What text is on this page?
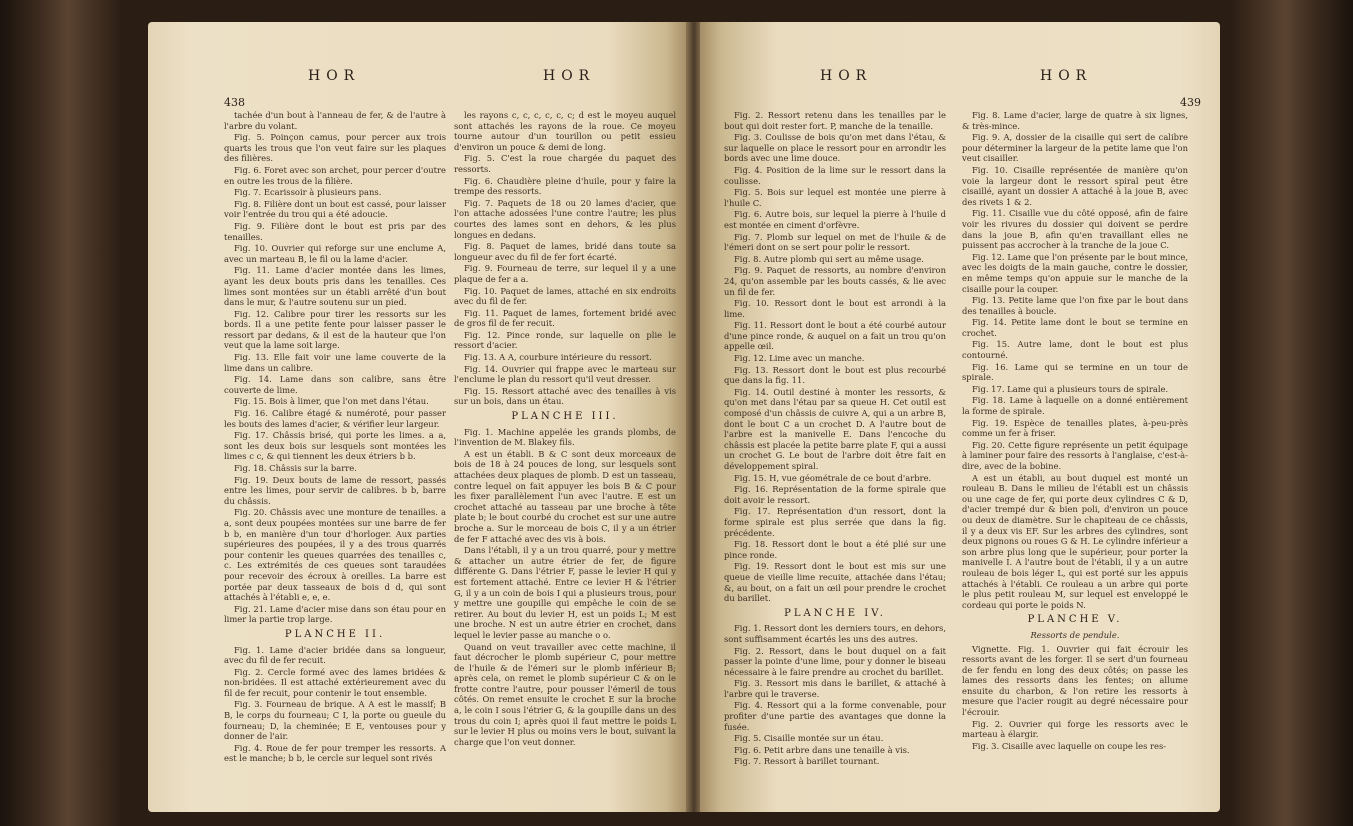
438
HOR	HOR

tachée d'un bout à l'anneau de fer, & de l'autre à l'arbre du volant.

Fig. 5. Poinçon camus, pour percer aux trois quarts les trous que l'on veut faire sur les plaques des filières.

Fig. 6. Foret avec son archet, pour percer d'outre en outre les trous de la filière.

Fig. 7. Ecarissoir à plusieurs pans.

Fig. 8. Filière dont un bout est cassé, pour laisser voir l'entrée du trou qui a été adoucie.

Fig. 9. Filière dont le bout est pris par des tenailles.

Fig. 10. Ouvrier qui reforge sur une enclume A, avec un marteau B, le fil ou la lame d'acier.

Fig. 11. Lame d'acier montée dans les limes, ayant les deux bouts pris dans les tenailles. Ces limes sont montées sur un établi arrêté d'un bout dans le mur, & l'autre soutenu sur un pied.

Fig. 12. Calibre pour tirer les ressorts sur les bords. Il a une petite fente pour laisser passer le ressort par dedans, & il est de la hauteur que l'on veut que la lame soit large.

Fig. 13. Elle fait voir une lame couverte de la lime dans un calibre.

Fig. 14. Lame dans son calibre, sans être couverte de lime.

Fig. 15. Bois à limer, que l'on met dans l'étau.

Fig. 16. Calibre étagé & numéroté, pour passer les bouts des lames d'acier, & vérifier leur largeur.

Fig. 17. Châssis brisé, qui porte les limes. a a, sont les deux bois sur lesquels sont montées les limes c c, & qui tiennent les deux étriers b b.

Fig. 18. Châssis sur la barre.

Fig. 19. Deux bouts de lame de ressort, passés entre les limes, pour servir de calibres. b b, barre du châssis.

Fig. 20. Châssis avec une monture de tenailles. a a, sont deux poupées montées sur une barre de fer b b, en manière d'un tour d'horloger. Aux parties supérieures des poupées, il y a des trous quarrés pour contenir les queues quarrées des tenailles c, c. Les extrémités de ces queues sont taraudées pour recevoir des écroux à oreilles. La barre est portée par deux tasseaux de bois d d, qui sont attachés à l'établi e, e, e.

Fig. 21. Lame d'acier mise dans son étau pour en limer la partie trop large.

PLANCHE II.

Fig. 1. Lame d'acier bridée dans sa longueur, avec du fil de fer recuit.

Fig. 2. Cercle formé avec des lames bridées & non-bridées. Il est attaché extérieurement avec du fil de fer recuit, pour contenir le tout ensemble.

Fig. 3. Fourneau de brique. A A est le massif; B B, le corps du fourneau; C I, la porte ou gueule du fourneau; D, la cheminée; E E, ventouses pour y donner de l'air.

Fig. 4. Roue de fer pour tremper les ressorts. A est le manche; b b, le cercle sur lequel sont rivés

les rayons c, c, c, c, c, c; d est le moyeu auquel sont attachés les rayons de la roue. Ce moyeu tourne autour d'un tourillon ou petit essieu d'environ un pouce & demi de long.

Fig. 5. C'est la roue chargée du paquet des ressorts.

Fig. 6. Chaudière pleine d'huile, pour y faire la trempe des ressorts.

Fig. 7. Paquets de 18 ou 20 lames d'acier, que l'on attache adossées l'une contre l'autre; les plus courtes des lames sont en dehors, & les plus longues en dedans.

Fig. 8. Paquet de lames, bridé dans toute sa longueur avec du fil de fer fort écarté.

Fig. 9. Fourneau de terre, sur lequel il y a une plaque de fer a a.

Fig. 10. Paquet de lames, attaché en six endroits avec du fil de fer.

Fig. 11. Paquet de lames, fortement bridé avec de gros fil de fer recuit.

Fig. 12. Pince ronde, sur laquelle on plie le ressort d'acier.

Fig. 13. A A, courbure intérieure du ressort.

Fig. 14. Ouvrier qui frappe avec le marteau sur l'enclume le plan du ressort qu'il veut dresser.

Fig. 15. Ressort attaché avec des tenailles à vis sur un bois, dans un étau.

PLANCHE III.

Fig. 1. Machine appelée les grands plombs, de l'invention de M. Blakey fils.

A est un établi. B & C sont deux morceaux de bois de 18 à 24 pouces de long, sur lesquels sont attachées deux plaques de plomb. D est un tasseau, contre lequel on fait appuyer les bois B & C pour les fixer parallèlement l'un avec l'autre. E est un crochet attaché au tasseau par une broche à tête plate b; le bout courbé du crochet est sur une autre broche a. Sur le morceau de bois C, il y a un étrier de fer F attaché avec des vis à bois.

Dans l'établi, il y a un trou quarré, pour y mettre & attacher un autre étrier de fer, de figure différente G. Dans l'étrier F, passe le levier H qui y est fortement attaché. Entre ce levier H & l'étrier G, il y a un coin de bois I qui a plusieurs trous, pour y mettre une goupille qui empêche le coin de se retirer. Au bout du levier H, est un poids L; M est une broche. N est un autre étrier en crochet, dans lequel le levier passe au manche o o.

Quand on veut travailler avec cette machine, il faut décrocher le plomb supérieur C, pour mettre de l'huile & de l'émeri sur le plomb inférieur B; après cela, on remet le plomb supérieur C & on le frotte contre l'autre, pour pousser l'émeril de tous côtés. On remet ensuite le crochet E sur la broche a, le coin I sous l'étrier G, & la goupille dans un des trous du coin I; après quoi il faut mettre le poids L sur le levier H plus ou moins vers le bout, suivant la charge que l'on veut donner.

439
HOR	HOR

Fig. 2. Ressort retenu dans les tenailles par le bout qui doit rester fort. P, manche de la tenaille.

Fig. 3. Coulisse de bois qu'on met dans l'étau, & sur laquelle on place le ressort pour en arrondir les bords avec une lime douce.

Fig. 4. Position de la lime sur le ressort dans la coulisse.

Fig. 5. Bois sur lequel est montée une pierre à l'huile C.

Fig. 6. Autre bois, sur lequel la pierre à l'huile d est montée en ciment d'orfèvre.

Fig. 7. Plomb sur lequel on met de l'huile & de l'émeri dont on se sert pour polir le ressort.

Fig. 8. Autre plomb qui sert au même usage.

Fig. 9. Paquet de ressorts, au nombre d'environ 24, qu'on assemble par les bouts cassés, & lie avec un fil de fer.

Fig. 10. Ressort dont le bout est arrondi à la lime.

Fig. 11. Ressort dont le bout a été courbé autour d'une pince ronde, & auquel on a fait un trou qu'on appelle œil.

Fig. 12. Lime avec un manche.

Fig. 13. Ressort dont le bout est plus recourbé que dans la fig. 11.

Fig. 14. Outil destiné à monter les ressorts, & qu'on met dans l'étau par sa queue H. Cet outil est composé d'un châssis de cuivre A, qui a un arbre B, dont le bout C a un crochet D. A l'autre bout de l'arbre est la manivelle E. Dans l'encoche du châssis est placée la petite barre plate F, qui a aussi un crochet G. Le bout de l'arbre doit être fait en développement spiral.

Fig. 15. H, vue géométrale de ce bout d'arbre.

Fig. 16. Représentation de la forme spirale que doit avoir le ressort.

Fig. 17. Représentation d'un ressort, dont la forme spirale est plus serrée que dans la fig. précédente.

Fig. 18. Ressort dont le bout a été plié sur une pince ronde.

Fig. 19. Ressort dont le bout est mis sur une queue de vieille lime recuite, attachée dans l'étau; &, au bout, on a fait un œil pour prendre le crochet du barillet.

PLANCHE IV.

Fig. 1. Ressort dont les derniers tours, en dehors, sont suffisamment écartés les uns des autres.

Fig. 2. Ressort, dans le bout duquel on a fait passer la pointe d'une lime, pour y donner le biseau nécessaire à le faire prendre au crochet du barillet.

Fig. 3. Ressort mis dans le barillet, & attaché à l'arbre qui le traverse.

Fig. 4. Ressort qui a la forme convenable, pour profiter d'une partie des avantages que donne la fusée.

Fig. 5. Cisaille montée sur un étau.

Fig. 6. Petit arbre dans une tenaille à vis.

Fig. 7. Ressort à barillet tournant.

Fig. 8. Lame d'acier, large de quatre à six lignes, & très-mince.

Fig. 9. A, dossier de la cisaille qui sert de calibre pour déterminer la largeur de la petite lame que l'on veut cisailler.

Fig. 10. Cisaille représentée de manière qu'on voie la largeur dont le ressort spiral peut être cisaillé, ayant un dossier A attaché à la joue B, avec des rivets 1 & 2.

Fig. 11. Cisaille vue du côté opposé, afin de faire voir les rivures du dossier qui doivent se perdre dans la joue B, afin qu'en travaillant elles ne puissent pas accrocher à la tranche de la joue C.

Fig. 12. Lame que l'on présente par le bout mince, avec les doigts de la main gauche, contre le dossier, en même temps qu'on appuie sur le manche de la cisaille pour la couper.

Fig. 13. Petite lame que l'on fixe par le bout dans des tenailles à boucle.

Fig. 14. Petite lame dont le bout se termine en crochet.

Fig. 15. Autre lame, dont le bout est plus contourné.

Fig. 16. Lame qui se termine en un tour de spirale.

Fig. 17. Lame qui a plusieurs tours de spirale.

Fig. 18. Lame à laquelle on a donné entièrement la forme de spirale.

Fig. 19. Espèce de tenailles plates, à-peu-près comme un fer à friser.

Fig. 20. Cette figure représente un petit équipage à laminer pour faire des ressorts à l'anglaise, c'est-à-dire, avec de la bobine.

A est un établi, au bout duquel est monté un rouleau B. Dans le milieu de l'établi est un châssis ou une cage de fer, qui porte deux cylindres C & D, d'acier trempé dur & bien poli, d'environ un pouce ou deux de diamètre. Sur le chapiteau de ce châssis, il y a deux vis EF. Sur les arbres des cylindres, sont deux pignons ou roues G & H. Le cylindre inférieur a son arbre plus long que le supérieur, pour porter la manivelle I. A l'autre bout de l'établi, il y a un autre rouleau de bois léger L, qui est porté sur les appuis attachés à l'établi. Ce rouleau a un arbre qui porte le plus petit rouleau M, sur lequel est enveloppé le cordeau qui porte le poids N.

PLANCHE V.

Ressorts de pendule.

Vignette. Fig. 1. Ouvrier qui fait écrouir les ressorts avant de les forger. Il se sert d'un fourneau de fer fendu en long des deux côtés; on passe les lames des ressorts dans les fentes; on allume ensuite du charbon, & l'on retire les ressorts à mesure que l'acier rougit au degré nécessaire pour l'écrouir.

Fig. 2. Ouvrier qui forge les ressorts avec le marteau à élargir.

Fig. 3. Cisaille avec laquelle on coupe les res-
